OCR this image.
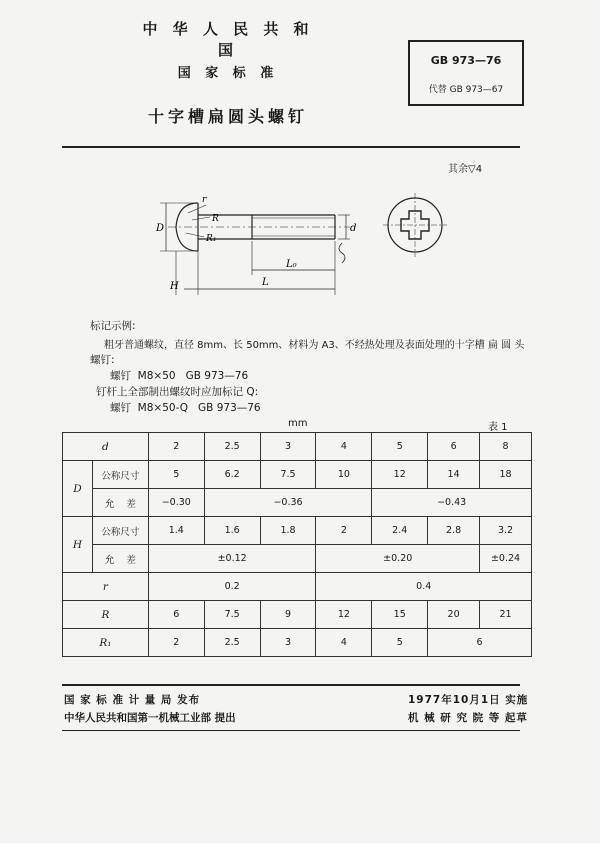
中 华 人 民 共 和 国
国 家 标 准
十字槽扁圆头螺钉
GB 973—76
代替 GB 973—67
其余▽4
r
R
R₁
D	d
H	L
L₀
标记示例:
粗牙普通螺纹，直径 8mm、长 50mm、材料为 A3、不经热处理及表面处理的十字槽 扁 圆 头
螺钉:
螺钉  M8×50   GB 973—76
钉杆上全部制出螺纹时应加标记 Q:
螺钉  M8×50-Q   GB 973—76
mm	表 1
d		2	2.5	3	4	5	6	8
D	公称尺寸	5	6.2	7.5	10	12	14	18
	允    差	−0.30	−0.36			−0.43		
H	公称尺寸	1.4	1.6	1.8	2	2.4	2.8	3.2
	允    差	±0.12			±0.20			±0.24
r		0.2			0.4			
R		6	7.5	9	12	15	20	21
R₁		2	2.5	3	4	5	6	
国 家 标 准 计 量 局 发布	1977年10月1日 实施
中华人民共和国第一机械工业部 提出	机 械 研 究 院 等 起草
